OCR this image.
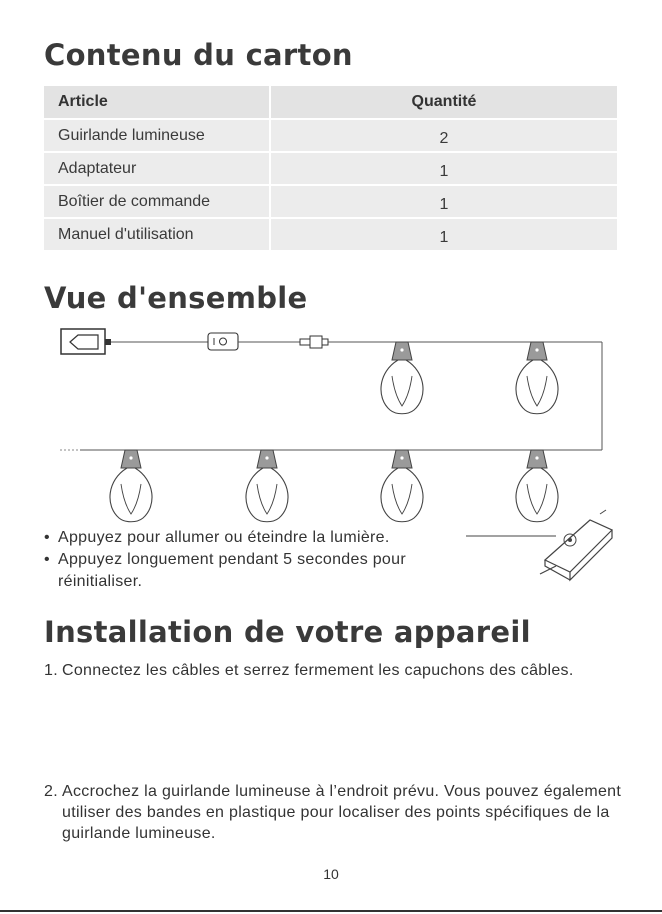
Contenu du carton
Article	Quantité
Guirlande lumineuse	2
Adaptateur	1
Boîtier de commande	1
Manuel d'utilisation	1
Vue d'ensemble
• Appuyez pour allumer ou éteindre la lumière.
• Appuyez longuement pendant 5 secondes pour réinitialiser.
Installation de votre appareil
1. Connectez les câbles et serrez fermement les capuchons des câbles.
2. Accrochez la guirlande lumineuse à l’endroit prévu. Vous pouvez également utiliser des bandes en plastique pour localiser des points spécifiques de la guirlande lumineuse.
10
